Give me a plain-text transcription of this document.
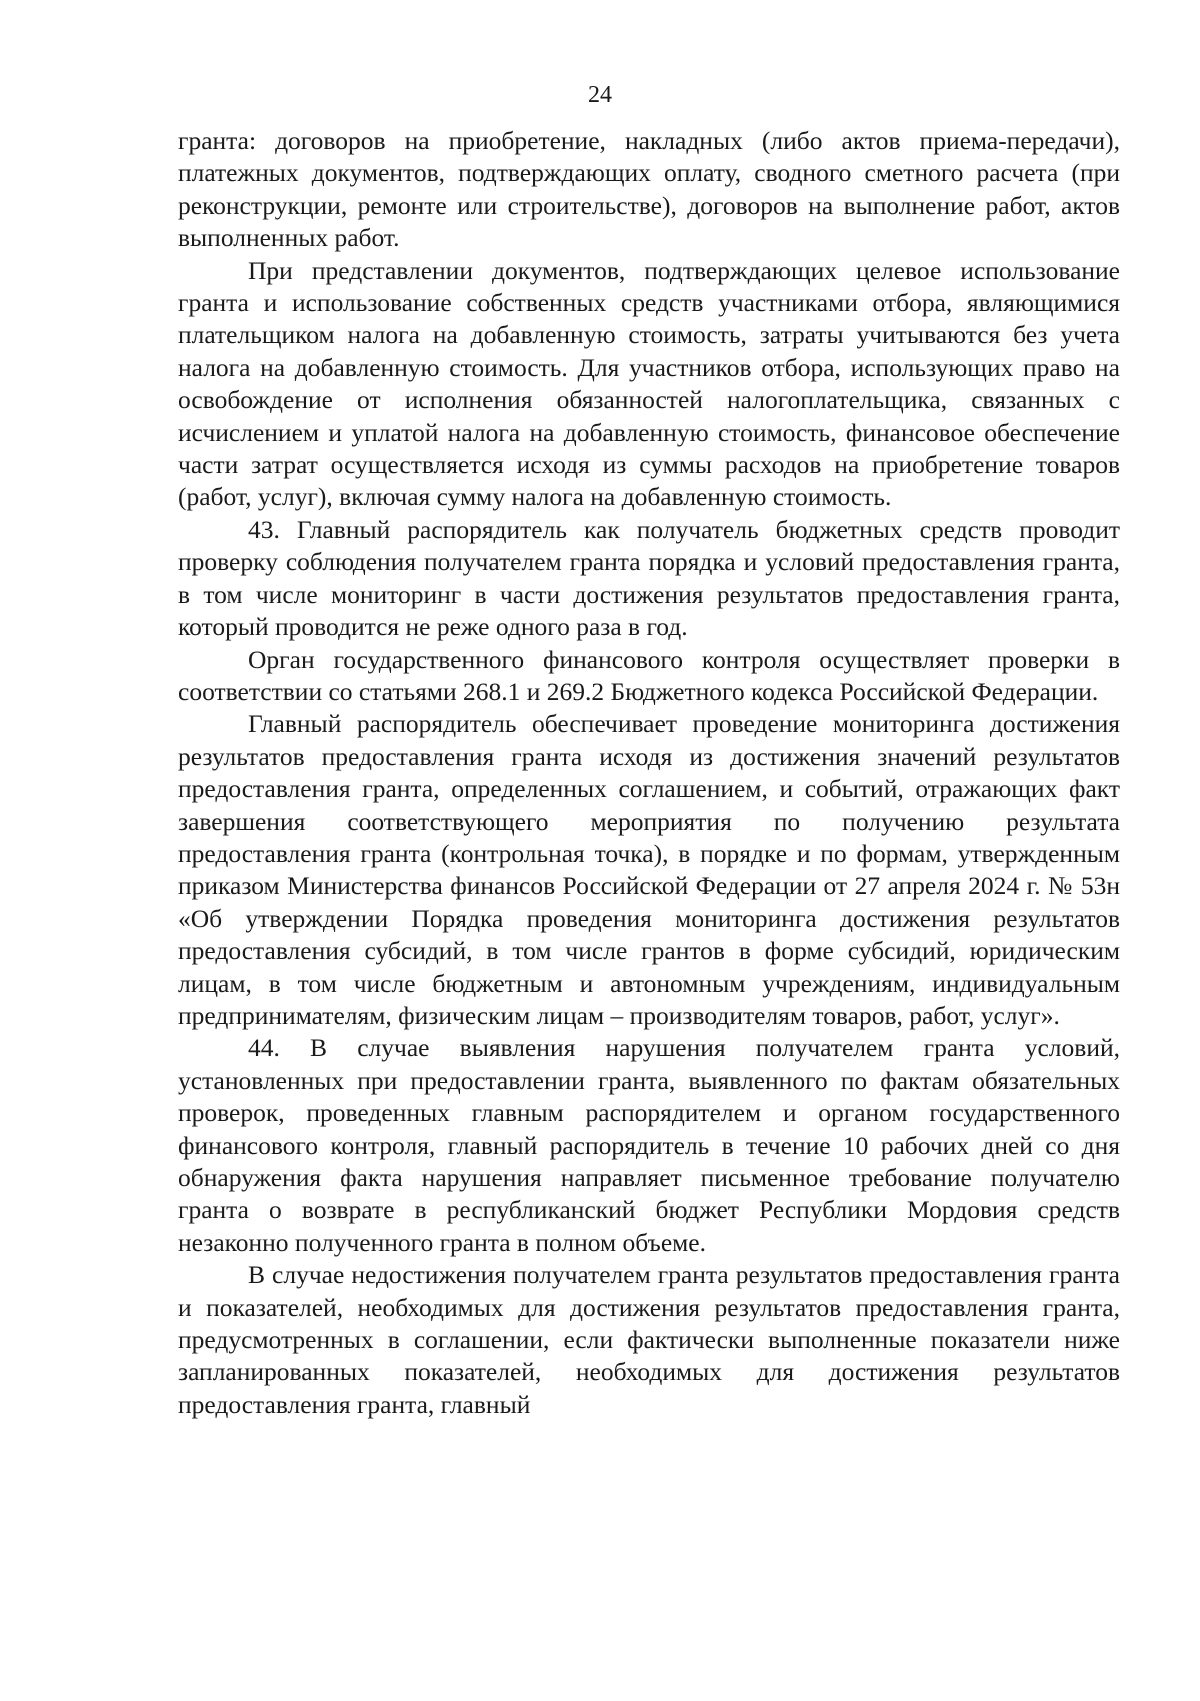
24

гранта: договоров на приобретение, накладных (либо актов приема-передачи), платежных документов, подтверждающих оплату, сводного сметного расчета (при реконструкции, ремонте или строительстве), договоров на выполнение работ, актов выполненных работ.

При представлении документов, подтверждающих целевое использование гранта и использование собственных средств участниками отбора, являющимися плательщиком налога на добавленную стоимость, затраты учитываются без учета налога на добавленную стоимость. Для участников отбора, использующих право на освобождение от исполнения обязанностей налогоплательщика, связанных с исчислением и уплатой налога на добавленную стоимость, финансовое обеспечение части затрат осуществляется исходя из суммы расходов на приобретение товаров (работ, услуг), включая сумму налога на добавленную стоимость.

43. Главный распорядитель как получатель бюджетных средств проводит проверку соблюдения получателем гранта порядка и условий предоставления гранта, в том числе мониторинг в части достижения результатов предоставления гранта, который проводится не реже одного раза в год.

Орган государственного финансового контроля осуществляет проверки в соответствии со статьями 268.1 и 269.2 Бюджетного кодекса Российской Федерации.

Главный распорядитель обеспечивает проведение мониторинга достижения результатов предоставления гранта исходя из достижения значений результатов предоставления гранта, определенных соглашением, и событий, отражающих факт завершения соответствующего мероприятия по получению результата предоставления гранта (контрольная точка), в порядке и по формам, утвержденным приказом Министерства финансов Российской Федерации от 27 апреля 2024 г. № 53н «Об утверждении Порядка проведения мониторинга достижения результатов предоставления субсидий, в том числе грантов в форме субсидий, юридическим лицам, в том числе бюджетным и автономным учреждениям, индивидуальным предпринимателям, физическим лицам – производителям товаров, работ, услуг».

44. В случае выявления нарушения получателем гранта условий, установленных при предоставлении гранта, выявленного по фактам обязательных проверок, проведенных главным распорядителем и органом государственного финансового контроля, главный распорядитель в течение 10 рабочих дней со дня обнаружения факта нарушения направляет письменное требование получателю гранта о возврате в республиканский бюджет Республики Мордовия средств незаконно полученного гранта в полном объеме.

В случае недостижения получателем гранта результатов предоставления гранта и показателей, необходимых для достижения результатов предоставления гранта, предусмотренных в соглашении, если фактически выполненные показатели ниже запланированных показателей, необходимых для достижения результатов предоставления гранта, главный
